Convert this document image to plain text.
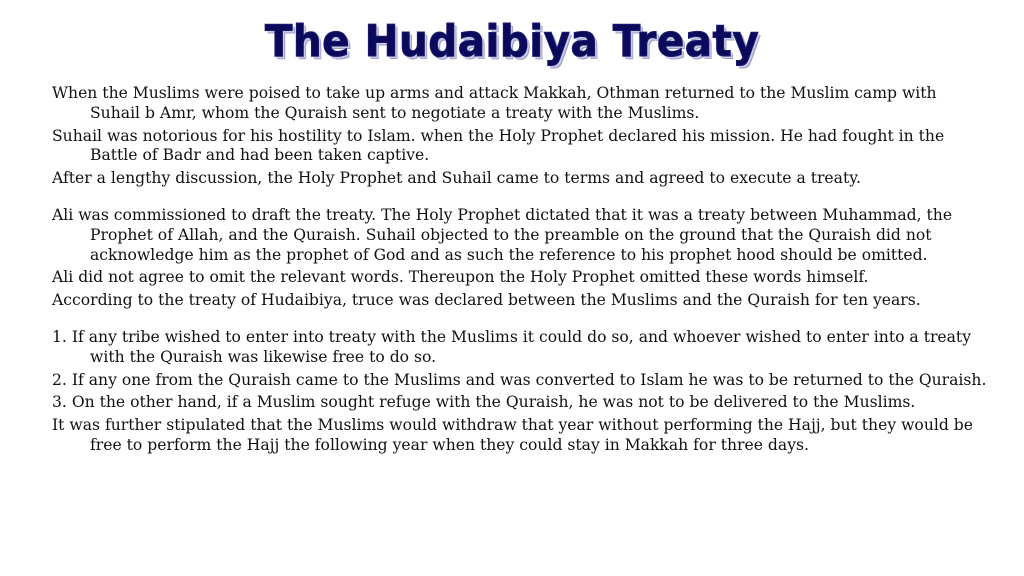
The Hudaibiya Treaty

When the Muslims were poised to take up arms and attack Makkah, Othman returned to the Muslim camp with Suhail b Amr, whom the Quraish sent to negotiate a treaty with the Muslims.

Suhail was notorious for his hostility to Islam. when the Holy Prophet declared his mission. He had fought in the Battle of Badr and had been taken captive.

After a lengthy discussion, the Holy Prophet and Suhail came to terms and agreed to execute a treaty.

Ali was commissioned to draft the treaty. The Holy Prophet dictated that it was a treaty between Muhammad, the Prophet of Allah, and the Quraish. Suhail objected to the preamble on the ground that the Quraish did not acknowledge him as the prophet of God and as such the reference to his prophet hood should be omitted.

Ali did not agree to omit the relevant words. Thereupon the Holy Prophet omitted these words himself.

According to the treaty of Hudaibiya, truce was declared between the Muslims and the Quraish for ten years.

1. If any tribe wished to enter into treaty with the Muslims it could do so, and whoever wished to enter into a treaty with the Quraish was likewise free to do so.

2. If any one from the Quraish came to the Muslims and was converted to Islam he was to be returned to the Quraish.

3. On the other hand, if a Muslim sought refuge with the Quraish, he was not to be delivered to the Muslims.

It was further stipulated that the Muslims would withdraw that year without performing the Hajj, but they would be free to perform the Hajj the following year when they could stay in Makkah for three days.
